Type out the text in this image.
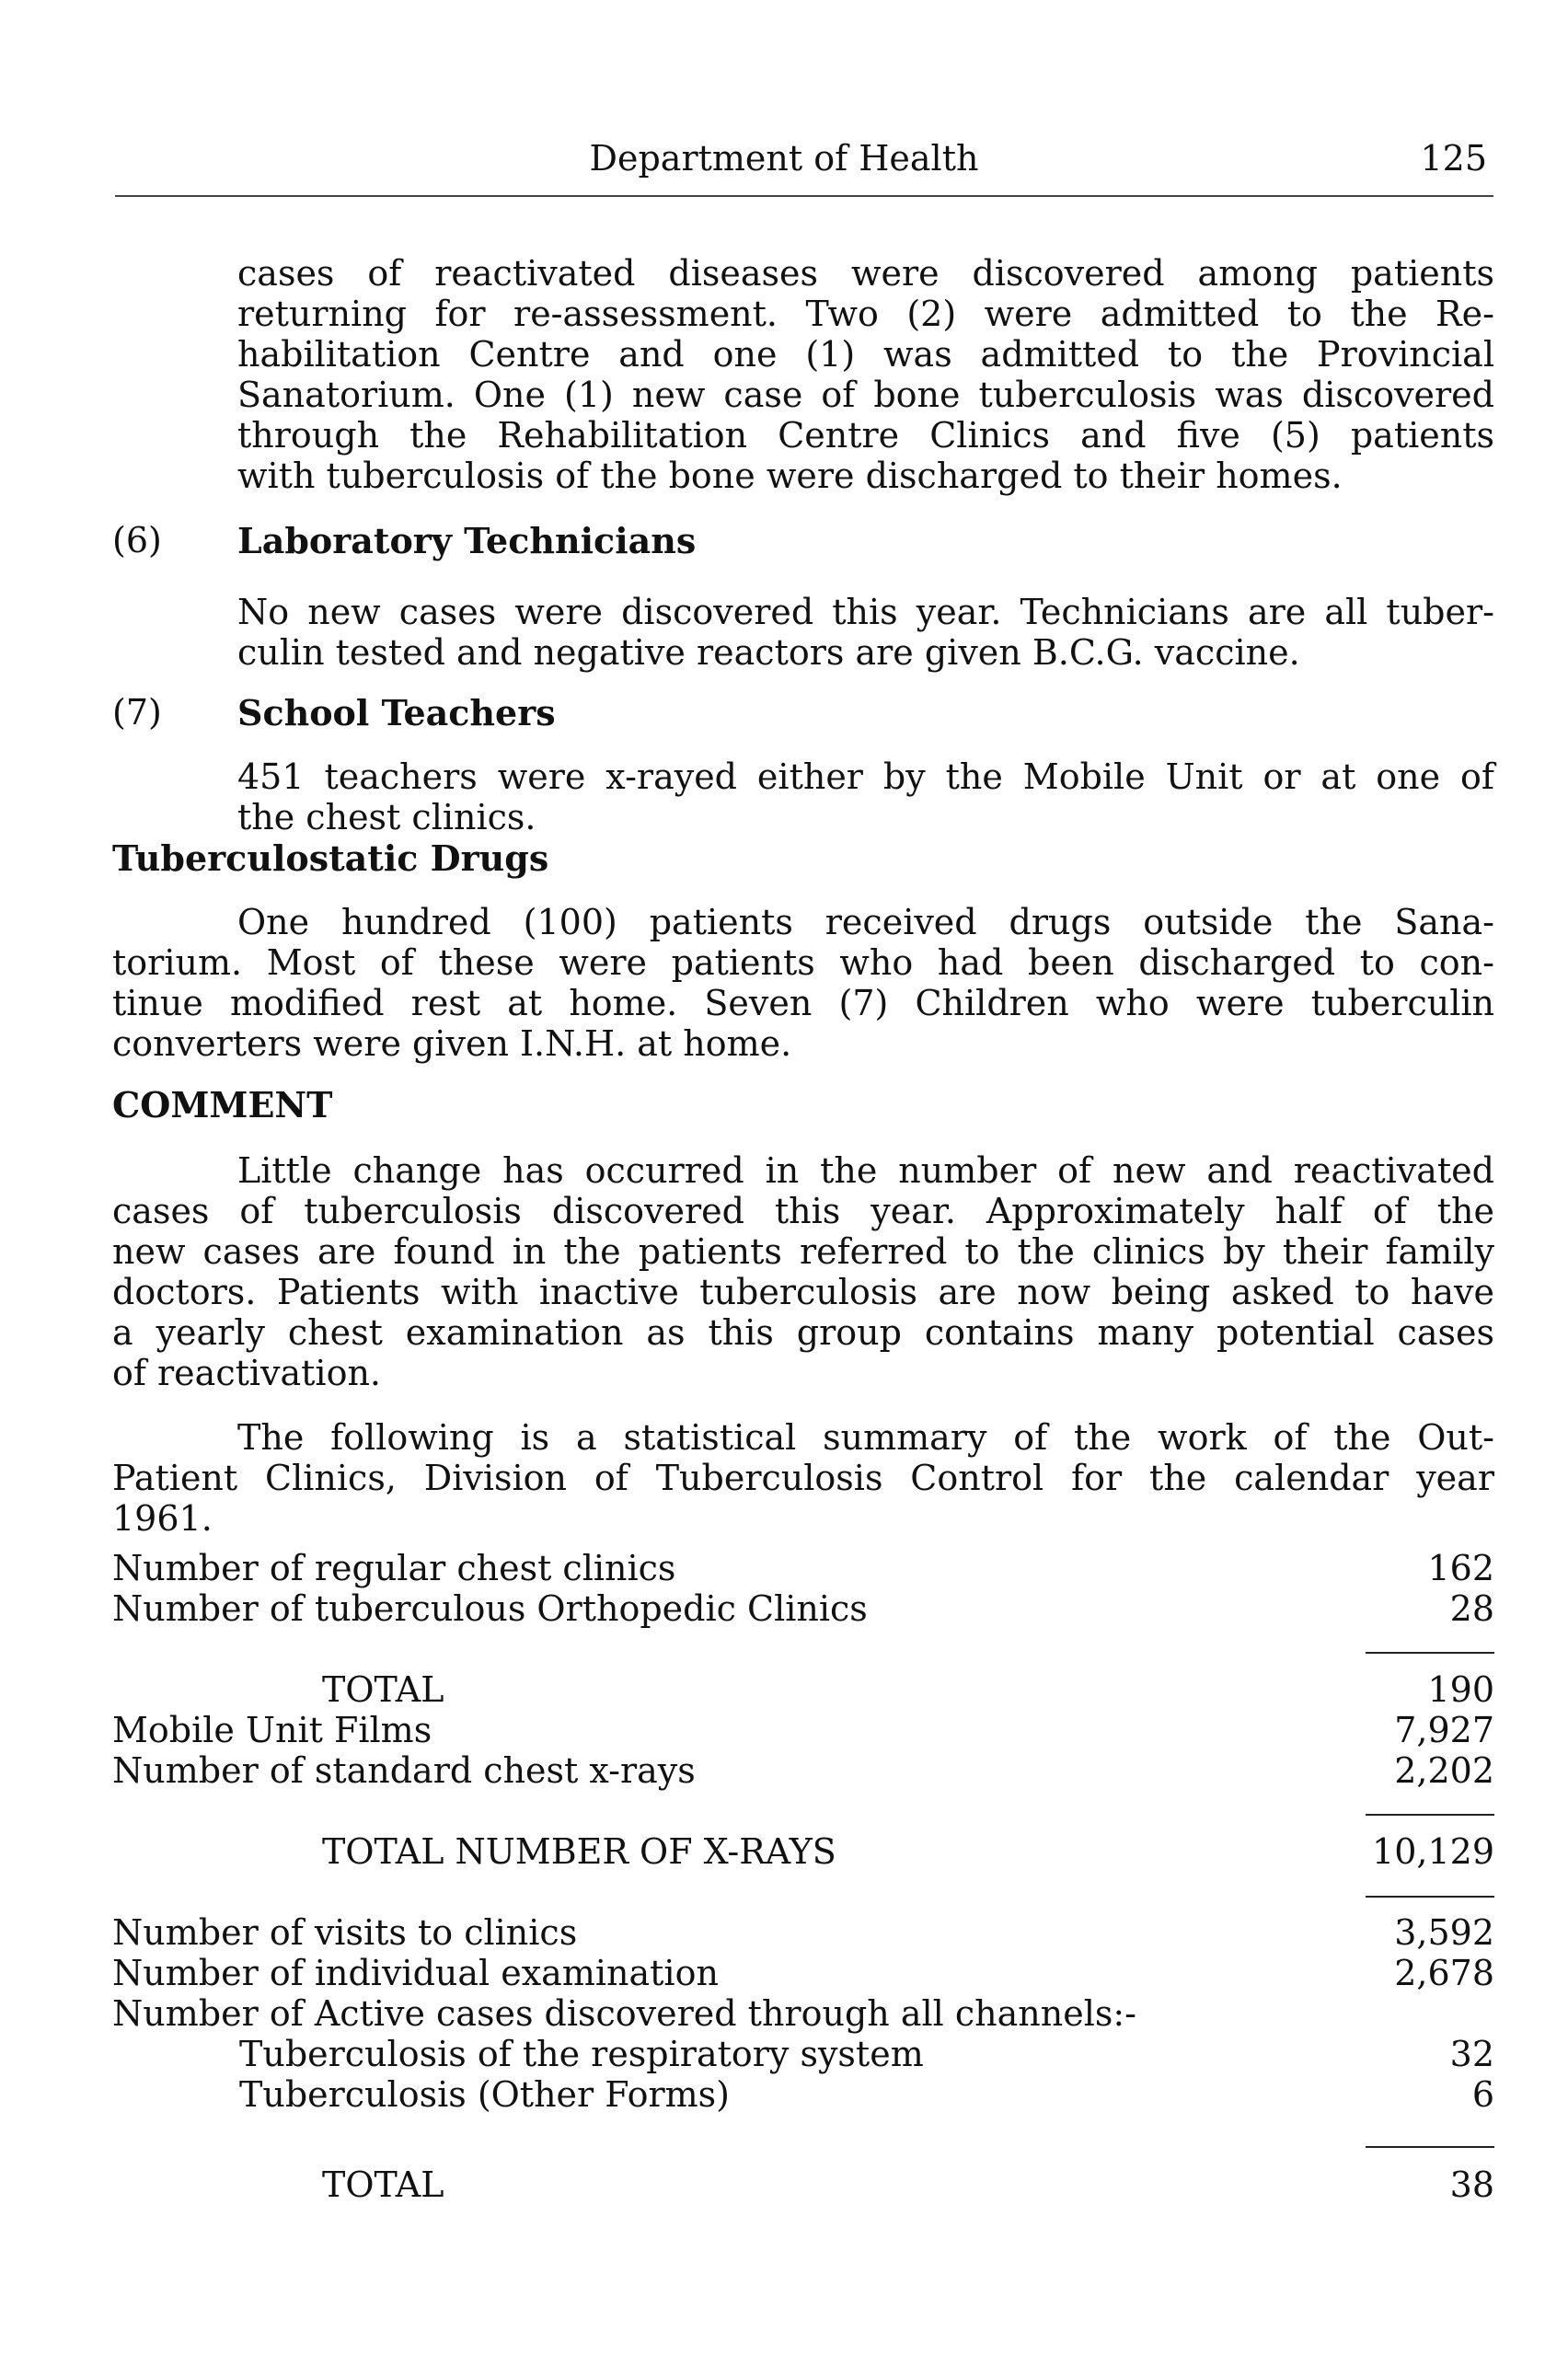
Department of Health	125
cases of reactivated diseases were discovered among patients
returning for re-assessment. Two (2) were admitted to the Re-
habilitation Centre and one (1) was admitted to the Provincial
Sanatorium. One (1) new case of bone tuberculosis was discovered
through the Rehabilitation Centre Clinics and five (5) patients
with tuberculosis of the bone were discharged to their homes.
(6) Laboratory Technicians
No new cases were discovered this year. Technicians are all tuber-
culin tested and negative reactors are given B.C.G. vaccine.
(7) School Teachers
451 teachers were x-rayed either by the Mobile Unit or at one of
the chest clinics.
Tuberculostatic Drugs
One hundred (100) patients received drugs outside the Sana-
torium. Most of these were patients who had been discharged to con-
tinue modified rest at home. Seven (7) Children who were tuberculin
converters were given I.N.H. at home.
COMMENT
Little change has occurred in the number of new and reactivated
cases of tuberculosis discovered this year. Approximately half of the
new cases are found in the patients referred to the clinics by their family
doctors. Patients with inactive tuberculosis are now being asked to have
a yearly chest examination as this group contains many potential cases
of reactivation.
The following is a statistical summary of the work of the Out-
Patient Clinics, Division of Tuberculosis Control for the calendar year
1961.
Number of regular chest clinics	162
Number of tuberculous Orthopedic Clinics	28
TOTAL	190
Mobile Unit Films	7,927
Number of standard chest x-rays	2,202
TOTAL NUMBER OF X-RAYS	10,129
Number of visits to clinics	3,592
Number of individual examination	2,678
Number of Active cases discovered through all channels:-
Tuberculosis of the respiratory system	32
Tuberculosis (Other Forms)	6
TOTAL	38
